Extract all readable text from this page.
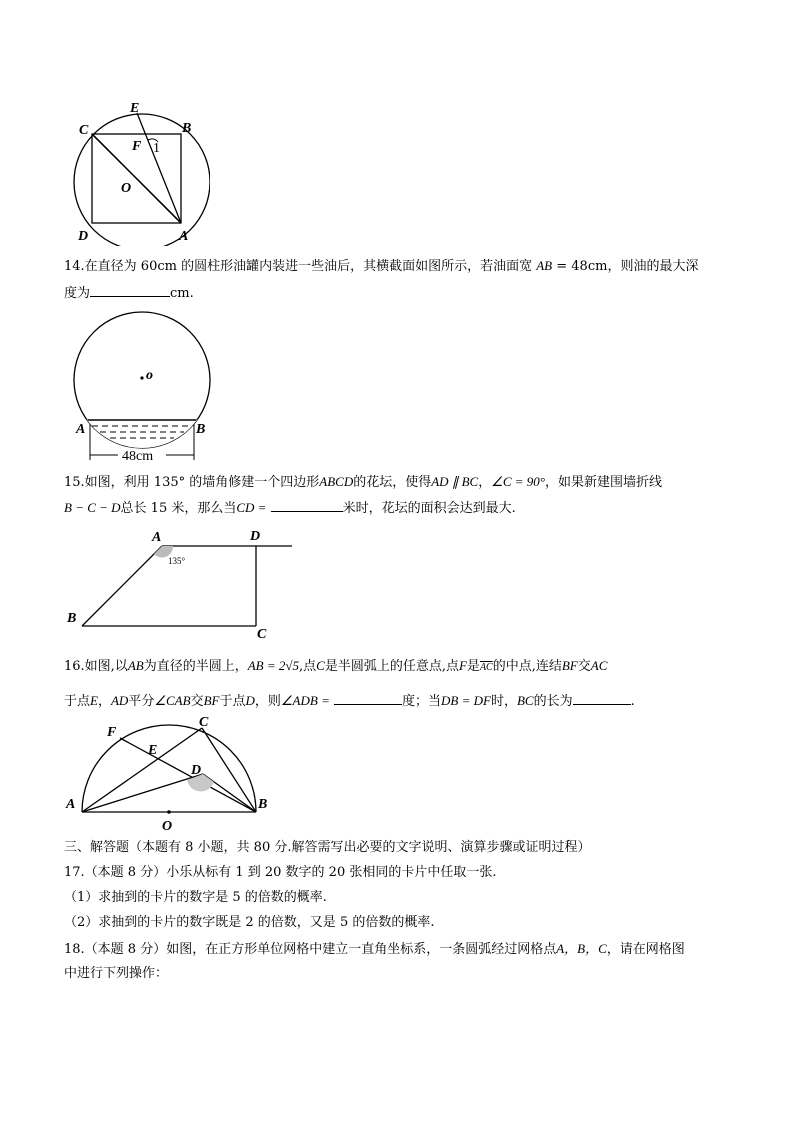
E
C	B
F 1
O
D	A
14.在直径为 60cm 的圆柱形油罐内装进一些油后，其横截面如图所示，若油面宽 AB = 48cm，则油的最大深
度为	cm.
o
A	B
48cm
15.如图，利用 135° 的墙角修建一个四边形ABCD的花坛，使得AD ∥ BC，∠C = 90°，如果新建围墙折线
B − C − D总长 15 米，那么当CD =	米时，花坛的面积会达到最大.
A	D
135°
B
C
16.如图,以AB为直径的半圆上，AB = 2√5,点C是半圆弧上的任意点,点F是$\overline{AC}$的中点,连结BF交AC
于点E，AD平分∠CAB交BF于点D，则∠ADB =	度；当DB = DF时，BC的长为	.
C
F
E
D
A	B
O
三、解答题（本题有 8 小题，共 80 分.解答需写出必要的文字说明、演算步骤或证明过程）
17.（本题 8 分）小乐从标有 1 到 20 数字的 20 张相同的卡片中任取一张.
（1）求抽到的卡片的数字是 5 的倍数的概率.
（2）求抽到的卡片的数字既是 2 的倍数，又是 5 的倍数的概率.
18.（本题 8 分）如图，在正方形单位网格中建立一直角坐标系，一条圆弧经过网格点A，B，C，请在网格图
中进行下列操作：
